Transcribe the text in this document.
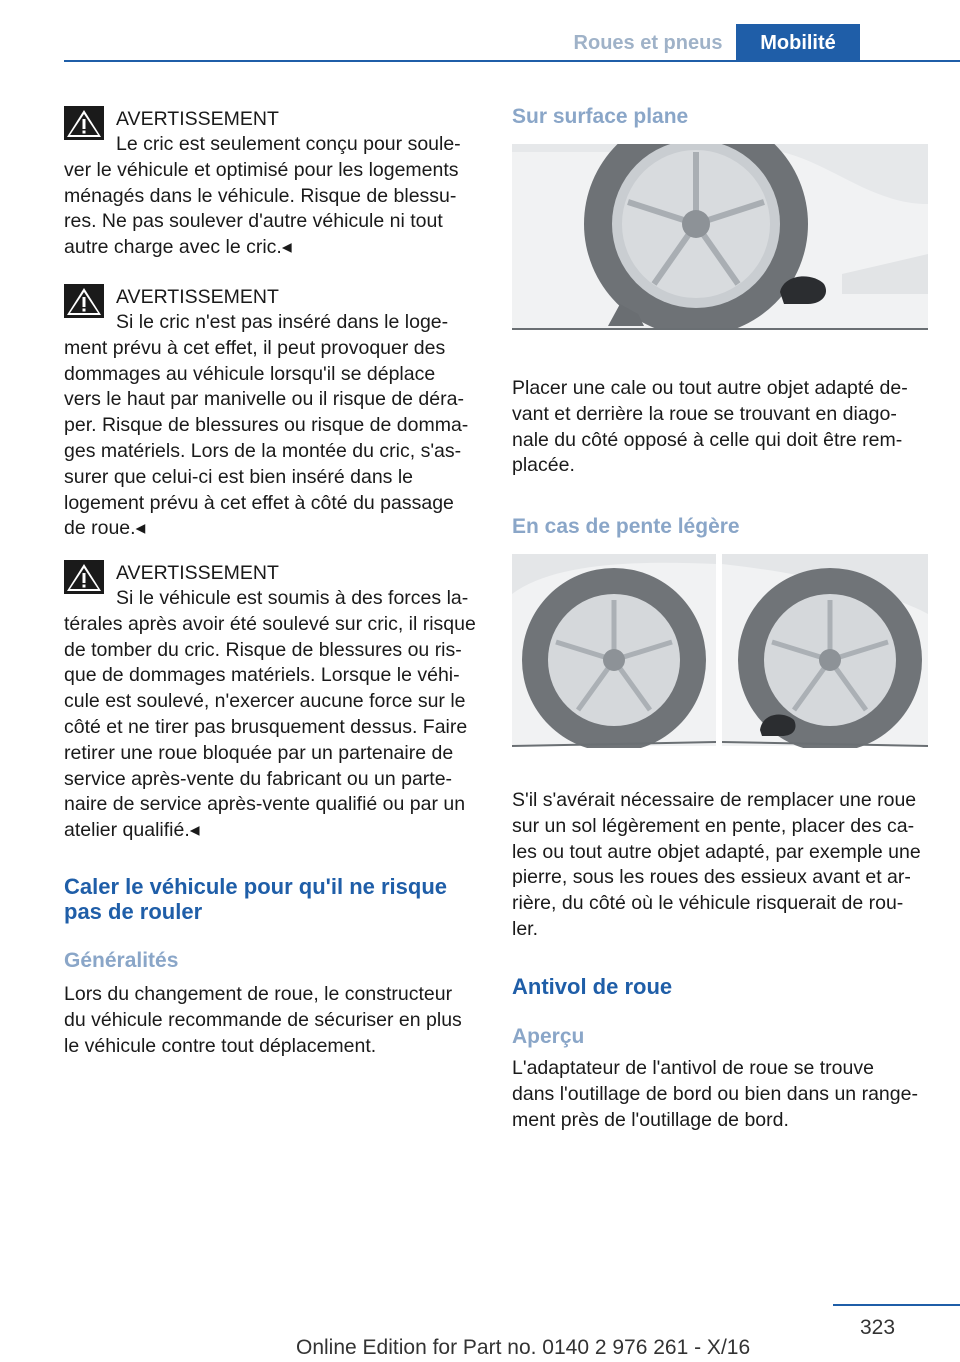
Roues et pneus	Mobilité
AVERTISSEMENT

Le cric est seulement conçu pour soule-

ver le véhicule et optimisé pour les logements

ménagés dans le véhicule. Risque de blessu-

res. Ne pas soulever d'autre véhicule ni tout

autre charge avec le cric.◂

AVERTISSEMENT

Si le cric n'est pas inséré dans le loge-

ment prévu à cet effet, il peut provoquer des

dommages au véhicule lorsqu'il se déplace

vers le haut par manivelle ou il risque de déra-

per. Risque de blessures ou risque de domma-

ges matériels. Lors de la montée du cric, s'as-

surer que celui-ci est bien inséré dans le

logement prévu à cet effet à côté du passage

de roue.◂

AVERTISSEMENT

Si le véhicule est soumis à des forces la-

térales après avoir été soulevé sur cric, il risque

de tomber du cric. Risque de blessures ou ris-

que de dommages matériels. Lorsque le véhi-

cule est soulevé, n'exercer aucune force sur le

côté et ne tirer pas brusquement dessus. Faire

retirer une roue bloquée par un partenaire de

service après-vente du fabricant ou un parte-

naire de service après-vente qualifié ou par un

atelier qualifié.◂

Caler le véhicule pour qu'il ne risque
pas de rouler
Généralités

Lors du changement de roue, le constructeur

du véhicule recommande de sécuriser en plus

le véhicule contre tout déplacement.

Sur surface plane

Placer une cale ou tout autre objet adapté de-

vant et derrière la roue se trouvant en diago-

nale du côté opposé à celle qui doit être rem-

placée.

En cas de pente légère

S'il s'avérait nécessaire de remplacer une roue

sur un sol légèrement en pente, placer des ca-

les ou tout autre objet adapté, par exemple une

pierre, sous les roues des essieux avant et ar-

rière, du côté où le véhicule risquerait de rou-

ler.

Antivol de roue
Aperçu

L'adaptateur de l'antivol de roue se trouve

dans l'outillage de bord ou bien dans un range-

ment près de l'outillage de bord.

323
Online Edition for Part no. 0140 2 976 261 - X/16
